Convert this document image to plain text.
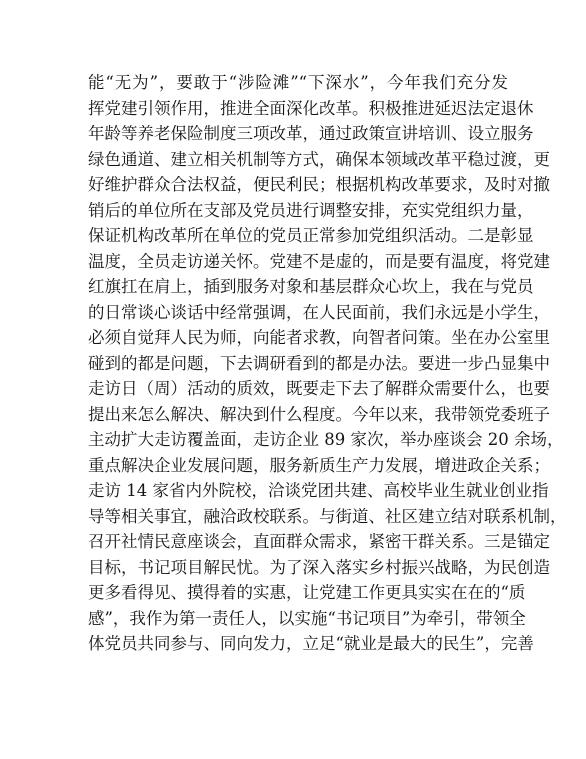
能“无为”，要敢于“涉险滩”“下深水”，今年我们充分发
挥党建引领作用，推进全面深化改革。积极推进延迟法定退休
年龄等养老保险制度三项改革，通过政策宣讲培训、设立服务
绿色通道、建立相关机制等方式，确保本领域改革平稳过渡，更
好维护群众合法权益，便民利民；根据机构改革要求，及时对撤
销后的单位所在支部及党员进行调整安排，充实党组织力量，
保证机构改革所在单位的党员正常参加党组织活动。二是彰显
温度，全员走访递关怀。党建不是虚的，而是要有温度，将党建
红旗扛在肩上，插到服务对象和基层群众心坎上，我在与党员
的日常谈心谈话中经常强调，在人民面前，我们永远是小学生，
必须自觉拜人民为师，向能者求教，向智者问策。坐在办公室里
碰到的都是问题，下去调研看到的都是办法。要进一步凸显集中
走访日（周）活动的质效，既要走下去了解群众需要什么，也要
提出来怎么解决、解决到什么程度。今年以来，我带领党委班子
主动扩大走访覆盖面，走访企业 89 家次，举办座谈会 20 余场，
重点解决企业发展问题，服务新质生产力发展，增进政企关系；
走访 14 家省内外院校，洽谈党团共建、高校毕业生就业创业指
导等相关事宜，融洽政校联系。与街道、社区建立结对联系机制，
召开社情民意座谈会，直面群众需求，紧密干群关系。三是锚定
目标，书记项目解民忧。为了深入落实乡村振兴战略，为民创造
更多看得见、摸得着的实惠，让党建工作更具实实在在的“质
感”，我作为第一责任人，以实施“书记项目”为牵引，带领全
体党员共同参与、同向发力，立足“就业是最大的民生”，完善
